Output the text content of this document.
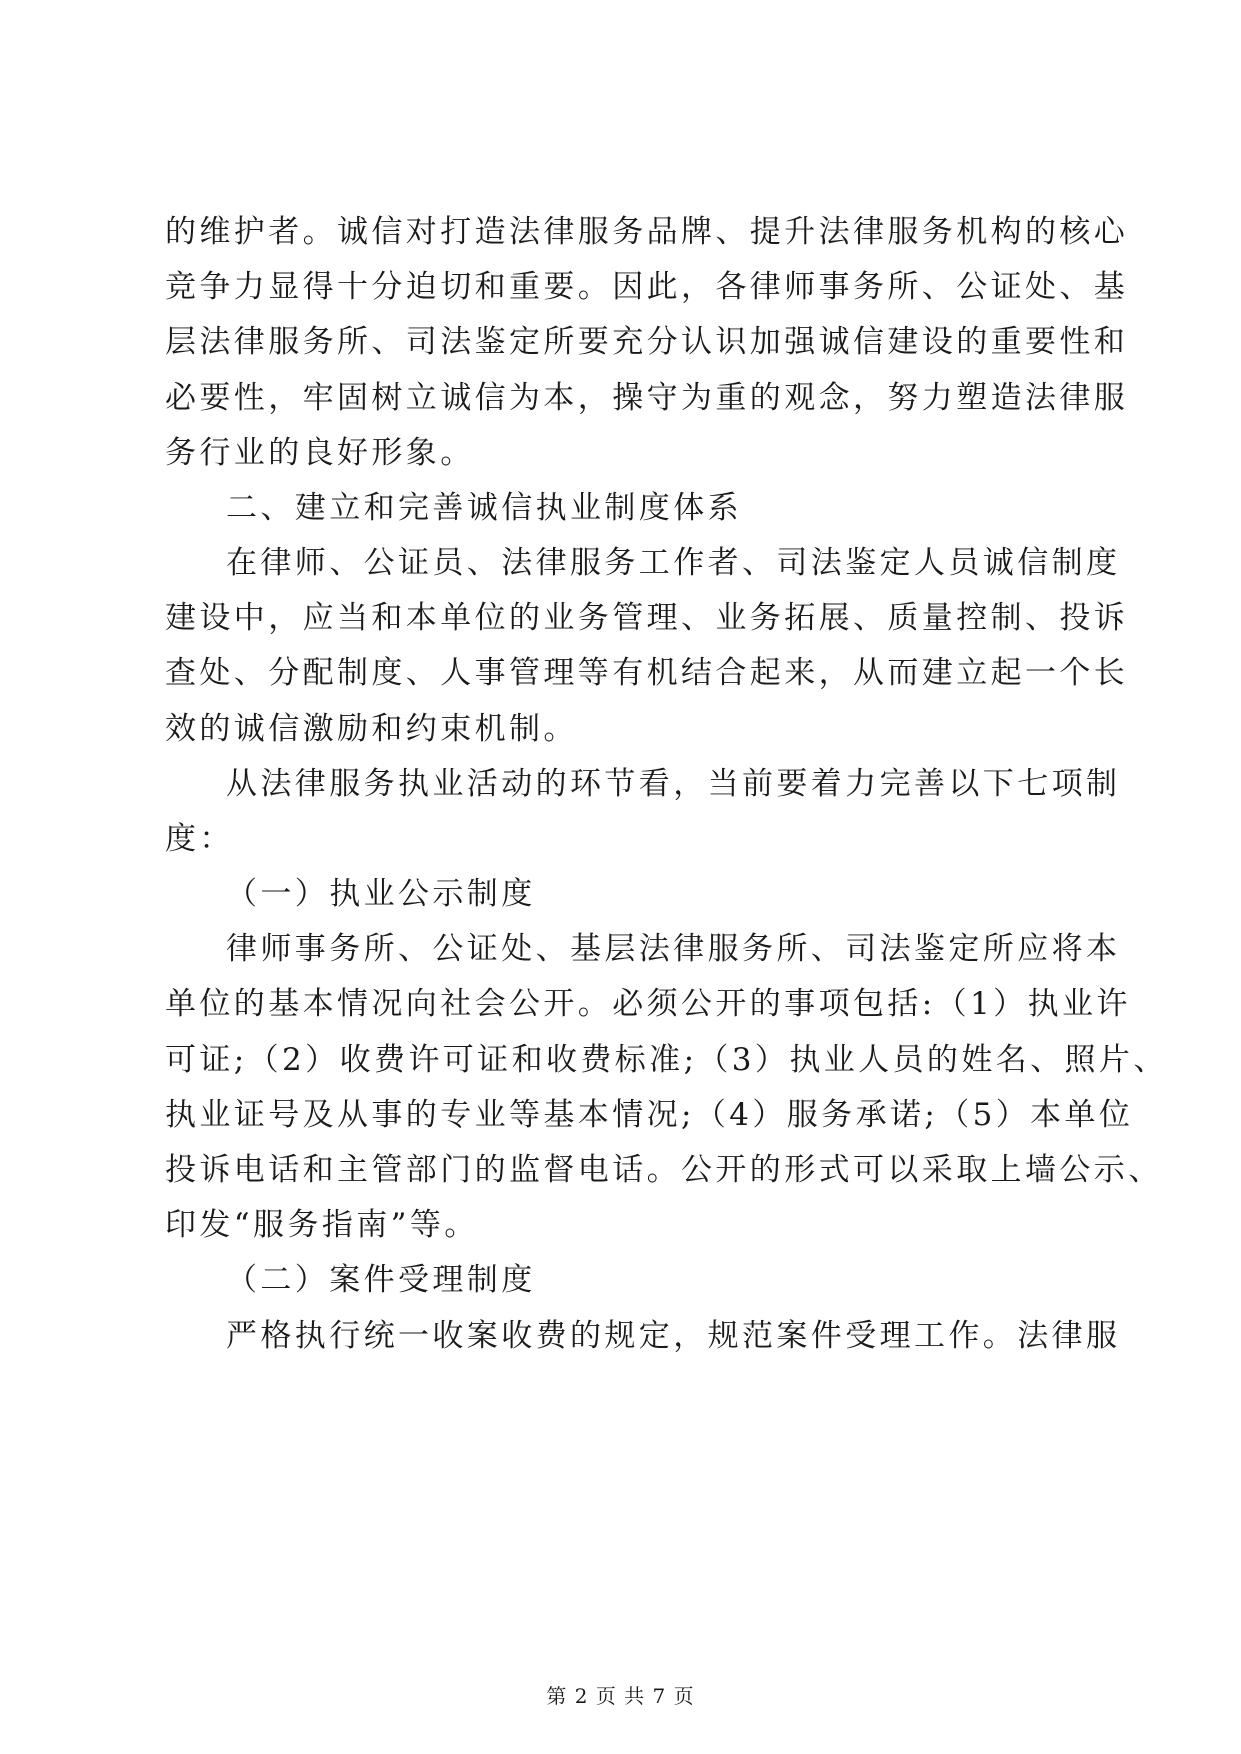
的维护者。诚信对打造法律服务品牌、提升法律服务机构的核心
竞争力显得十分迫切和重要。因此，各律师事务所、公证处、基
层法律服务所、司法鉴定所要充分认识加强诚信建设的重要性和
必要性，牢固树立诚信为本，操守为重的观念，努力塑造法律服
务行业的良好形象。
二、建立和完善诚信执业制度体系
在律师、公证员、法律服务工作者、司法鉴定人员诚信制度
建设中，应当和本单位的业务管理、业务拓展、质量控制、投诉
查处、分配制度、人事管理等有机结合起来，从而建立起一个长
效的诚信激励和约束机制。
从法律服务执业活动的环节看，当前要着力完善以下七项制
度：
（一）执业公示制度
律师事务所、公证处、基层法律服务所、司法鉴定所应将本
单位的基本情况向社会公开。必须公开的事项包括:（1）执业许
可证;（2）收费许可证和收费标准;（3）执业人员的姓名、照片、
执业证号及从事的专业等基本情况;（4）服务承诺;（5）本单位
投诉电话和主管部门的监督电话。公开的形式可以采取上墙公示、
印发“服务指南”等。
（二）案件受理制度
严格执行统一收案收费的规定，规范案件受理工作。法律服
第 2 页 共 7 页
